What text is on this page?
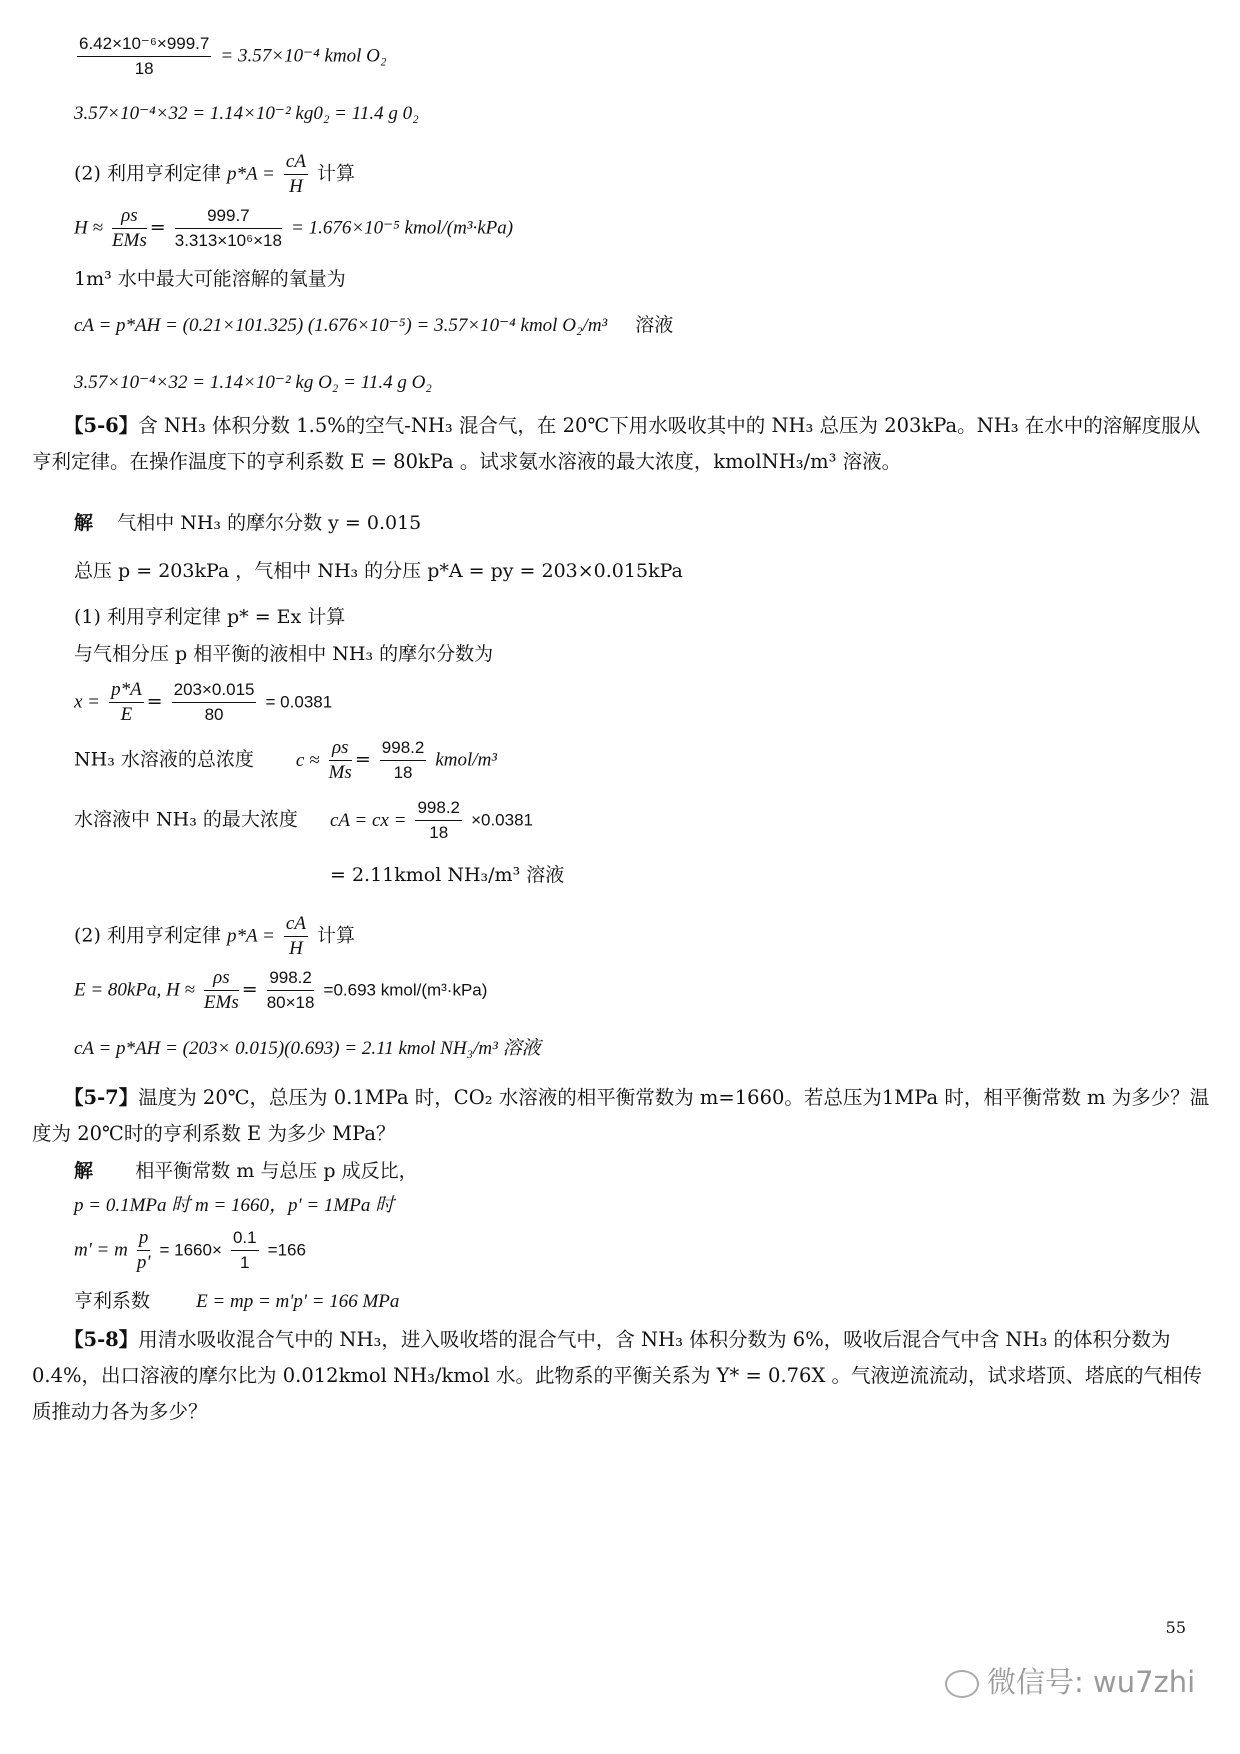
$\frac{\text{6.42×10⁻⁶×999.7}}{18} = 3.57\times 10^{-4}$ kmol O₂
3.57×10⁻⁴×32 = 1.14×10⁻² kg0₂ = 11.4 g 0₂
(2) 利用亨利定律 $p*A = \frac{cA}{H}$ 计算
$H \approx \frac{\rho s}{\text{EMs}} = \frac{999.7}{\text{3.313×10⁶×18}} = 1.676\times 10^{-5}$ kmol/(m³·kPa)
1m³ 水中最大可能溶解的氧量为
cA = p*AH = (0.21×101.325) (1.676×10⁻⁵) = 3.57×10⁻⁴ kmol O₂/m³ 溶液
3.57×10⁻⁴×32 = 1.14×10⁻² kg O₂ = 11.4 g O₂
【5-6】含 NH₃ 体积分数 1.5%的空气-NH₃ 混合气，在 20℃下用水吸收其中的 NH₃ 总压为 203kPa。NH₃ 在水中的溶解度服从亨利定律。在操作温度下的亨利系数 E = 80kPa 。试求氨水溶液的最大浓度，kmolNH₃/m³ 溶液。
解 气相中 NH₃ 的摩尔分数 y = 0.015
总压 p = 203kPa ，气相中 NH₃ 的分压 p*A = py = 203×0.015kPa
(1) 利用亨利定律 p* = Ex 计算
与气相分压 p 相平衡的液相中 NH₃ 的摩尔分数为
$x = \frac{p*A}{E} = \frac{203\times 0.015}{80} = 0.0381$
NH₃ 水溶液的总浓度 $c \approx \frac{\rho s}{Ms} = \frac{998.2}{18}$ kmol/m³
水溶液中 NH₃ 的最大浓度 cA = cx = $\frac{998.2}{18} \times 0.0381$
= 2.11kmol NH₃/m³ 溶液
(2) 利用亨利定律 $p*A = \frac{cA}{H}$ 计算
E = 80kPa, $H \approx \frac{\rho s}{\text{EMs}} = \frac{998.2}{80\times 18} =0.693$ kmol/(m³·kPa)
cA = p*AH = (203× 0.015)(0.693) = 2.11 kmol NH₃/m³ 溶液
【5-7】温度为 20℃，总压为 0.1MPa 时，CO₂ 水溶液的相平衡常数为 m=1660。若总压为1MPa 时，相平衡常数 m 为多少？温度为 20℃时的亨利系数 E 为多少 MPa？
解 相平衡常数 m 与总压 p 成反比，
p = 0.1MPa 时 m = 1660，p' = 1MPa 时
m' = m $\frac{p}{p'} = 1660\times \frac{0.1}{1} =166$
亨利系数 E = mp = m'p' = 166 MPa
【5-8】用清水吸收混合气中的 NH₃，进入吸收塔的混合气中，含 NH₃ 体积分数为 6%，吸收后混合气中含 NH₃ 的体积分数为 0.4%，出口溶液的摩尔比为 0.012kmol NH₃/kmol 水。此物系的平衡关系为 Y* = 0.76X 。气液逆流流动，试求塔顶、塔底的气相传质推动力各为多少？
55
微信号: wu7zhi
